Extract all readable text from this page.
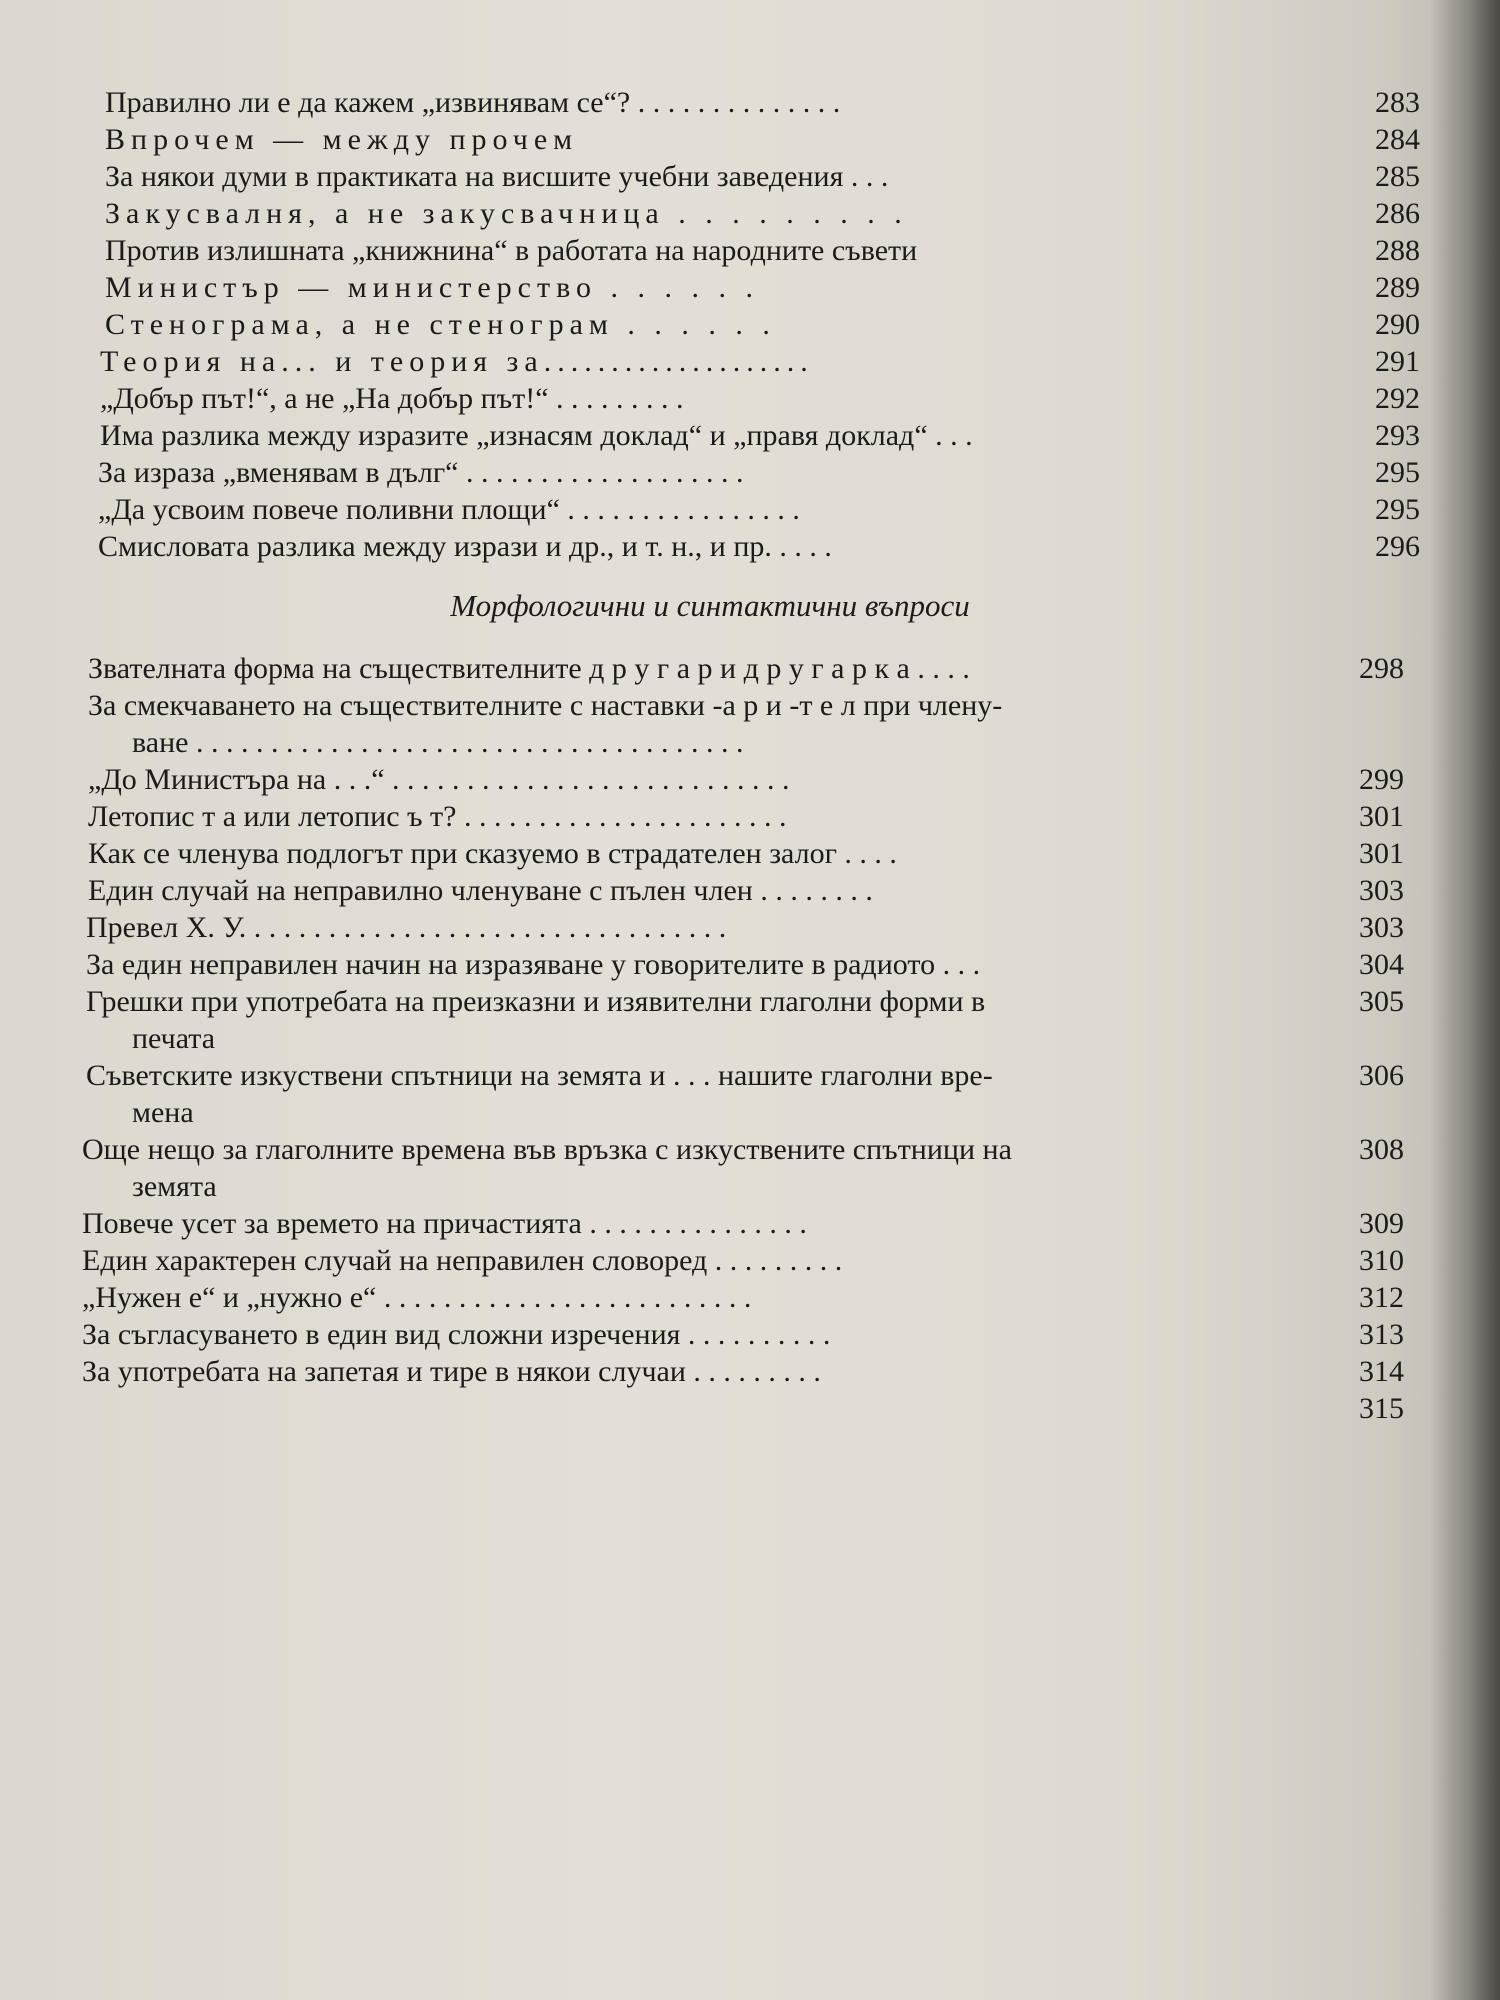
Правилно ли е да кажем „извинявам се“? . . . . . . . . . . . . . .	283
Впрочем — между прочем	284
За някои думи в практиката на висшите учебни заведения . . .	285
Закусвалня, а не закусвачница . . . . . . . . .	286
Против излишната „книжнина“ в работата на народните съвети	288
Министър — министерство . . . . . .	289
Стенограма, а не стенограм . . . . . .	290
Теория на... и теория за....................	291
„Добър път!“, а не „На добър път!“ . . . . . . . . .	292
Има разлика между изразите „изнасям доклад“ и „правя доклад“ . . .	293
За израза „вменявам в дълг“ . . . . . . . . . . . . . . . . . . .	295
„Да усвоим повече поливни площи“ . . . . . . . . . . . . . . . .	295
Смисловата разлика между изрази и др., и т. н., и пр. . . . .	296
Морфологични и синтактични въпроси
Звателната форма на съществителните д р у г а р и д р у г а р к а . . . .	298
За смекчаването на съществителните с наставки -а р и -т е л при члену-
ване . . . . . . . . . . . . . . . . . . . . . . . . . . . . . . . . . . . . .
„До Министъра на . . .“ . . . . . . . . . . . . . . . . . . . . . . . . . . .	299
Летопис т а или летопис ъ т? . . . . . . . . . . . . . . . . . . . . . .	301
Как се членува подлогът при сказуемо в страдателен залог . . . .	301
Един случай на неправилно членуване с пълен член . . . . . . . .	303
Превел Х. У. . . . . . . . . . . . . . . . . . . . . . . . . . . . . . . . .	303
За един неправилен начин на изразяване у говорителите в радиото . . .	304
Грешки при употребата на преизказни и изявителни глаголни форми в	305
печата
Съветските изкуствени спътници на земята и . . . нашите глаголни вре-	306
мена
Още нещо за глаголните времена във връзка с изкуствените спътници на	308
земята
Повече усет за времето на причастията . . . . . . . . . . . . . . .	309
Един характерен случай на неправилен словоред . . . . . . . . .	310
„Нужен е“ и „нужно е“ . . . . . . . . . . . . . . . . . . . . . . . . .	312
За съгласуването в един вид сложни изречения . . . . . . . . . .	313
За употребата на запетая и тире в някои случаи . . . . . . . . .	314
315
